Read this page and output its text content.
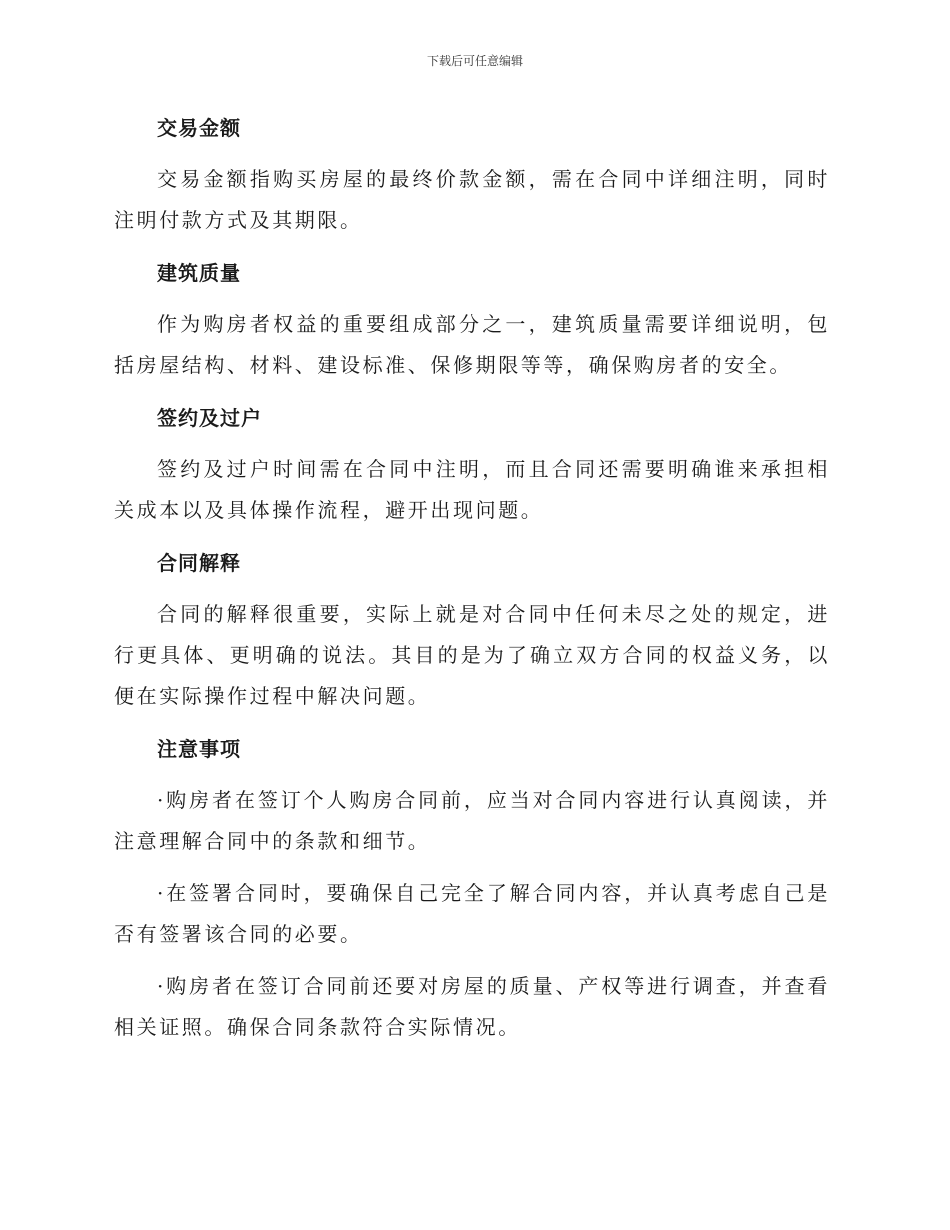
下载后可任意编辑
交易金额

交易金额指购买房屋的最终价款金额，需在合同中详细注明，同时注明付款方式及其期限。

建筑质量

作为购房者权益的重要组成部分之一，建筑质量需要详细说明，包括房屋结构、材料、建设标准、保修期限等等，确保购房者的安全。

签约及过户

签约及过户时间需在合同中注明，而且合同还需要明确谁来承担相关成本以及具体操作流程，避开出现问题。

合同解释

合同的解释很重要，实际上就是对合同中任何未尽之处的规定，进行更具体、更明确的说法。其目的是为了确立双方合同的权益义务，以便在实际操作过程中解决问题。

注意事项

·购房者在签订个人购房合同前，应当对合同内容进行认真阅读，并注意理解合同中的条款和细节。

·在签署合同时，要确保自己完全了解合同内容，并认真考虑自己是否有签署该合同的必要。

·购房者在签订合同前还要对房屋的质量、产权等进行调查，并查看相关证照。确保合同条款符合实际情况。
